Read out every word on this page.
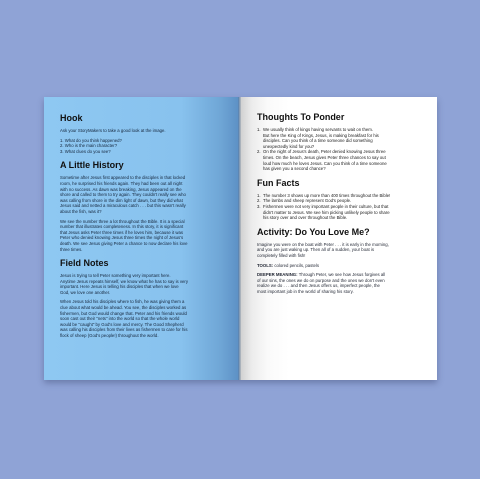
Hook

Ask your StoryMakers to take a good look at the image.

1. What do you think happened?

2. Who is the main character?

3. What clues do you see?

A Little History

Sometime after Jesus first appeared to the disciples in that locked

room, he surprised his friends again. They had been out all night

with no success. As dawn was breaking, Jesus appeared on the

shore and called to them to try again. They couldn't really see who

was calling from shore in the dim light of dawn, but they did what

Jesus said and netted a miraculous catch . . . but this wasn't really

about the fish, was it?

We see the number three a lot throughout the Bible. It is a special

number that illustrates completeness. In this story, it is significant

that Jesus asks Peter three times if he loves him, because it was

Peter who denied knowing Jesus three times the night of Jesus's

death. We see Jesus giving Peter a chance to now declare his love

three times.

Field Notes

Jesus is trying to tell Peter something very important here.

Anytime Jesus repeats himself, we know what he has to say is very

important. Here Jesus is telling his disciples that when we love

God, we love one another.

When Jesus told his disciples where to fish, he was giving them a

clue about what would be ahead. You see, the disciples worked as

fishermen, but God would change that. Peter and his friends would

soon cast out their "nets" into the world so that the whole world

would be "caught" by God's love and mercy. The Good Shepherd

was calling his disciples from their lives as fishermen to care for his

flock of sheep (God's people!) throughout the world.

Thoughts To Ponder
1. We usually think of kings having servants to wait on them.
But here the King of Kings, Jesus, is making breakfast for his
disciples. Can you think of a time someone did something
unexpectedly kind for you?
2. On the night of Jesus's death, Peter denied knowing Jesus three
times. On the beach, Jesus gives Peter three chances to say out
loud how much he loves Jesus. Can you think of a time someone
has given you a second chance?
Fun Facts
1. The number 3 shows up more than 400 times throughout the Bible!
2. The lambs and sheep represent God's people.
3. Fishermen were not very important people in their culture, but that
didn't matter to Jesus. We see him picking unlikely people to share
his story over and over throughout the Bible.
Activity: Do You Love Me?

Imagine you were on the boat with Peter . . . it is early in the morning,

and you are just waking up. Then all of a sudden, your boat is

completely filled with fish!

TOOLS: colored pencils, pastels

DEEPER MEANING: Through Peter, we see how Jesus forgives all

of our sins, the ones we do on purpose and the ones we don't even

realize we do . . . and then Jesus offers us, imperfect people, the

most important job in the world of sharing his story.
